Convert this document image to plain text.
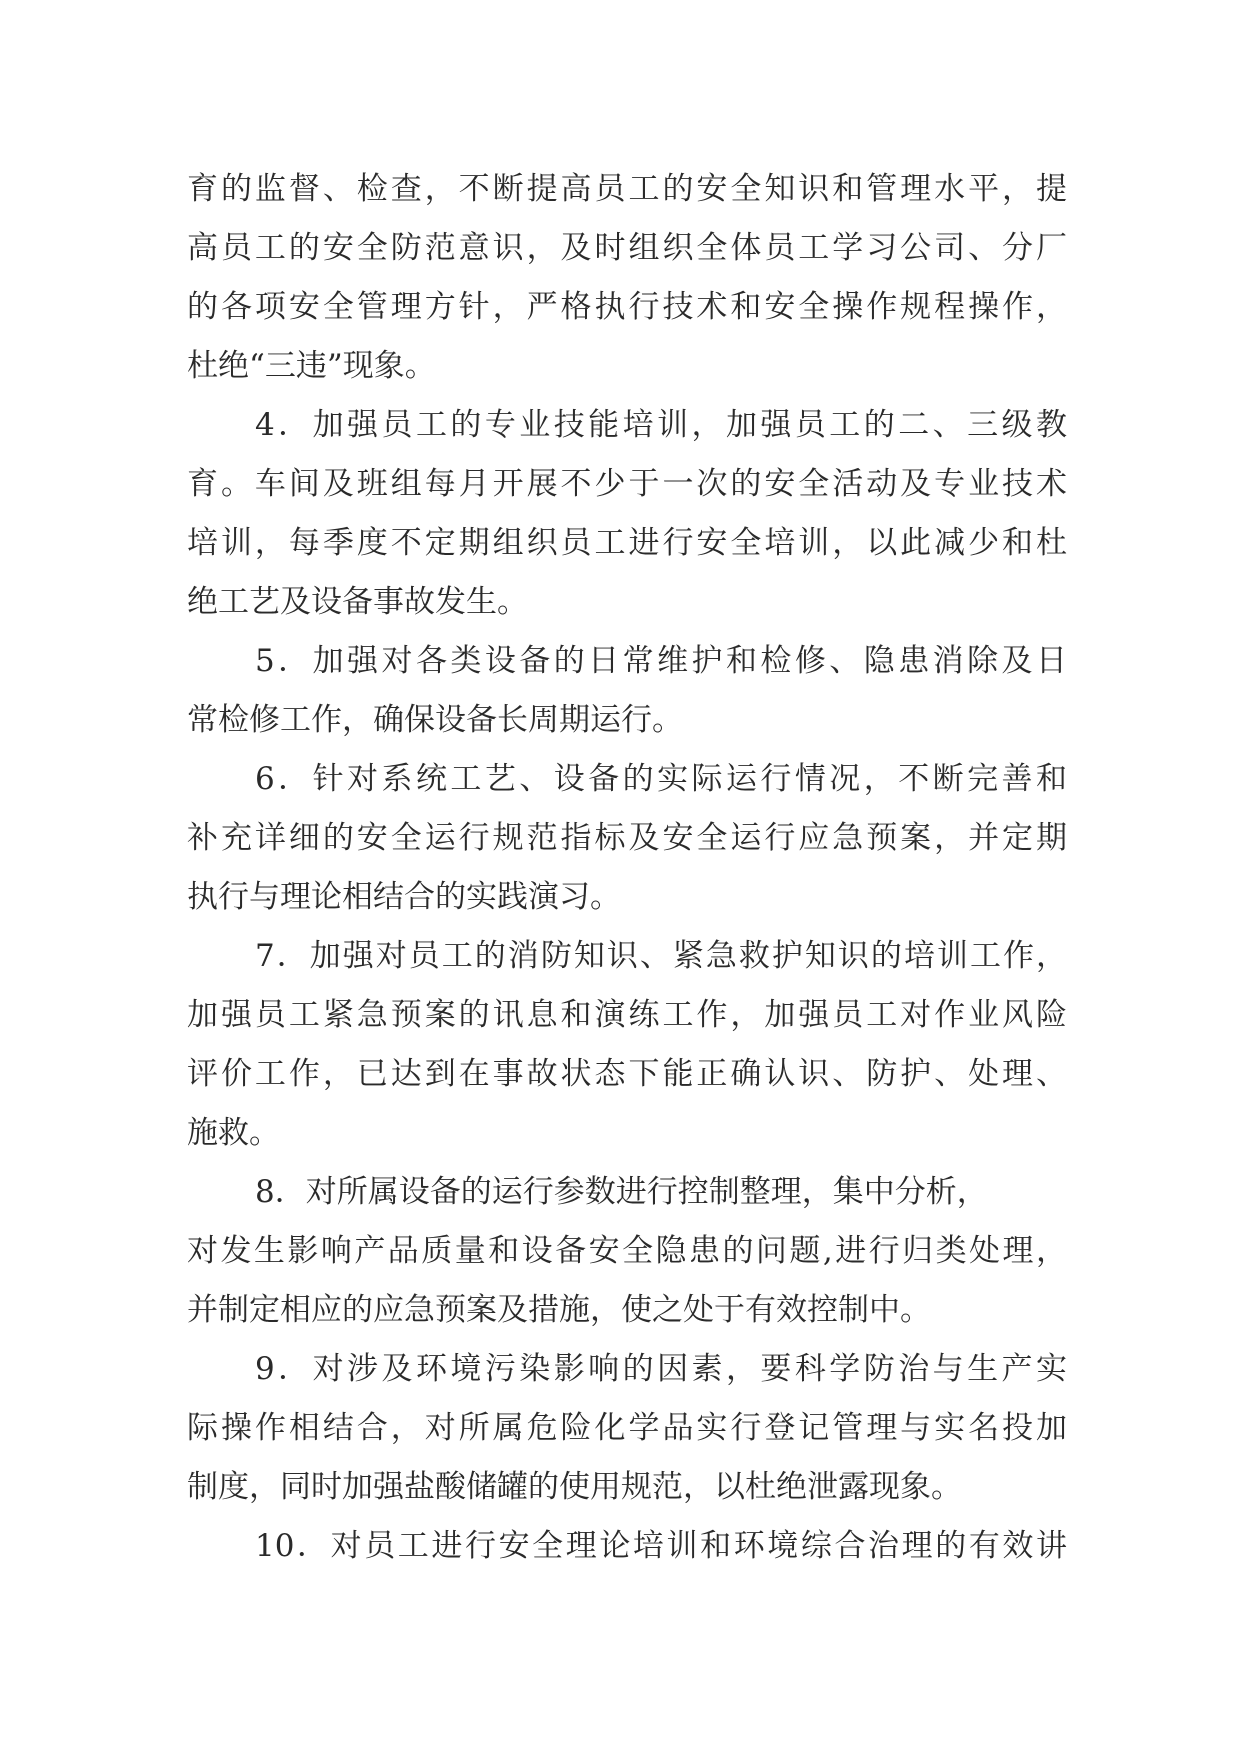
育的监督、检查，不断提高员工的安全知识和管理水平，提
高员工的安全防范意识，及时组织全体员工学习公司、分厂
的各项安全管理方针，严格执行技术和安全操作规程操作，
杜绝“三违”现象。
4．加强员工的专业技能培训，加强员工的二、三级教
育。车间及班组每月开展不少于一次的安全活动及专业技术
培训，每季度不定期组织员工进行安全培训，以此减少和杜
绝工艺及设备事故发生。
5．加强对各类设备的日常维护和检修、隐患消除及日
常检修工作，确保设备长周期运行。
6．针对系统工艺、设备的实际运行情况，不断完善和
补充详细的安全运行规范指标及安全运行应急预案，并定期
执行与理论相结合的实践演习。
7．加强对员工的消防知识、紧急救护知识的培训工作，
加强员工紧急预案的讯息和演练工作，加强员工对作业风险
评价工作，已达到在事故状态下能正确认识、防护、处理、
施救。
8．对所属设备的运行参数进行控制整理，集中分析，
对发生影响产品质量和设备安全隐患的问题,进行归类处理，
并制定相应的应急预案及措施，使之处于有效控制中。
9．对涉及环境污染影响的因素，要科学防治与生产实
际操作相结合，对所属危险化学品实行登记管理与实名投加
制度，同时加强盐酸储罐的使用规范，以杜绝泄露现象。
10．对员工进行安全理论培训和环境综合治理的有效讲
